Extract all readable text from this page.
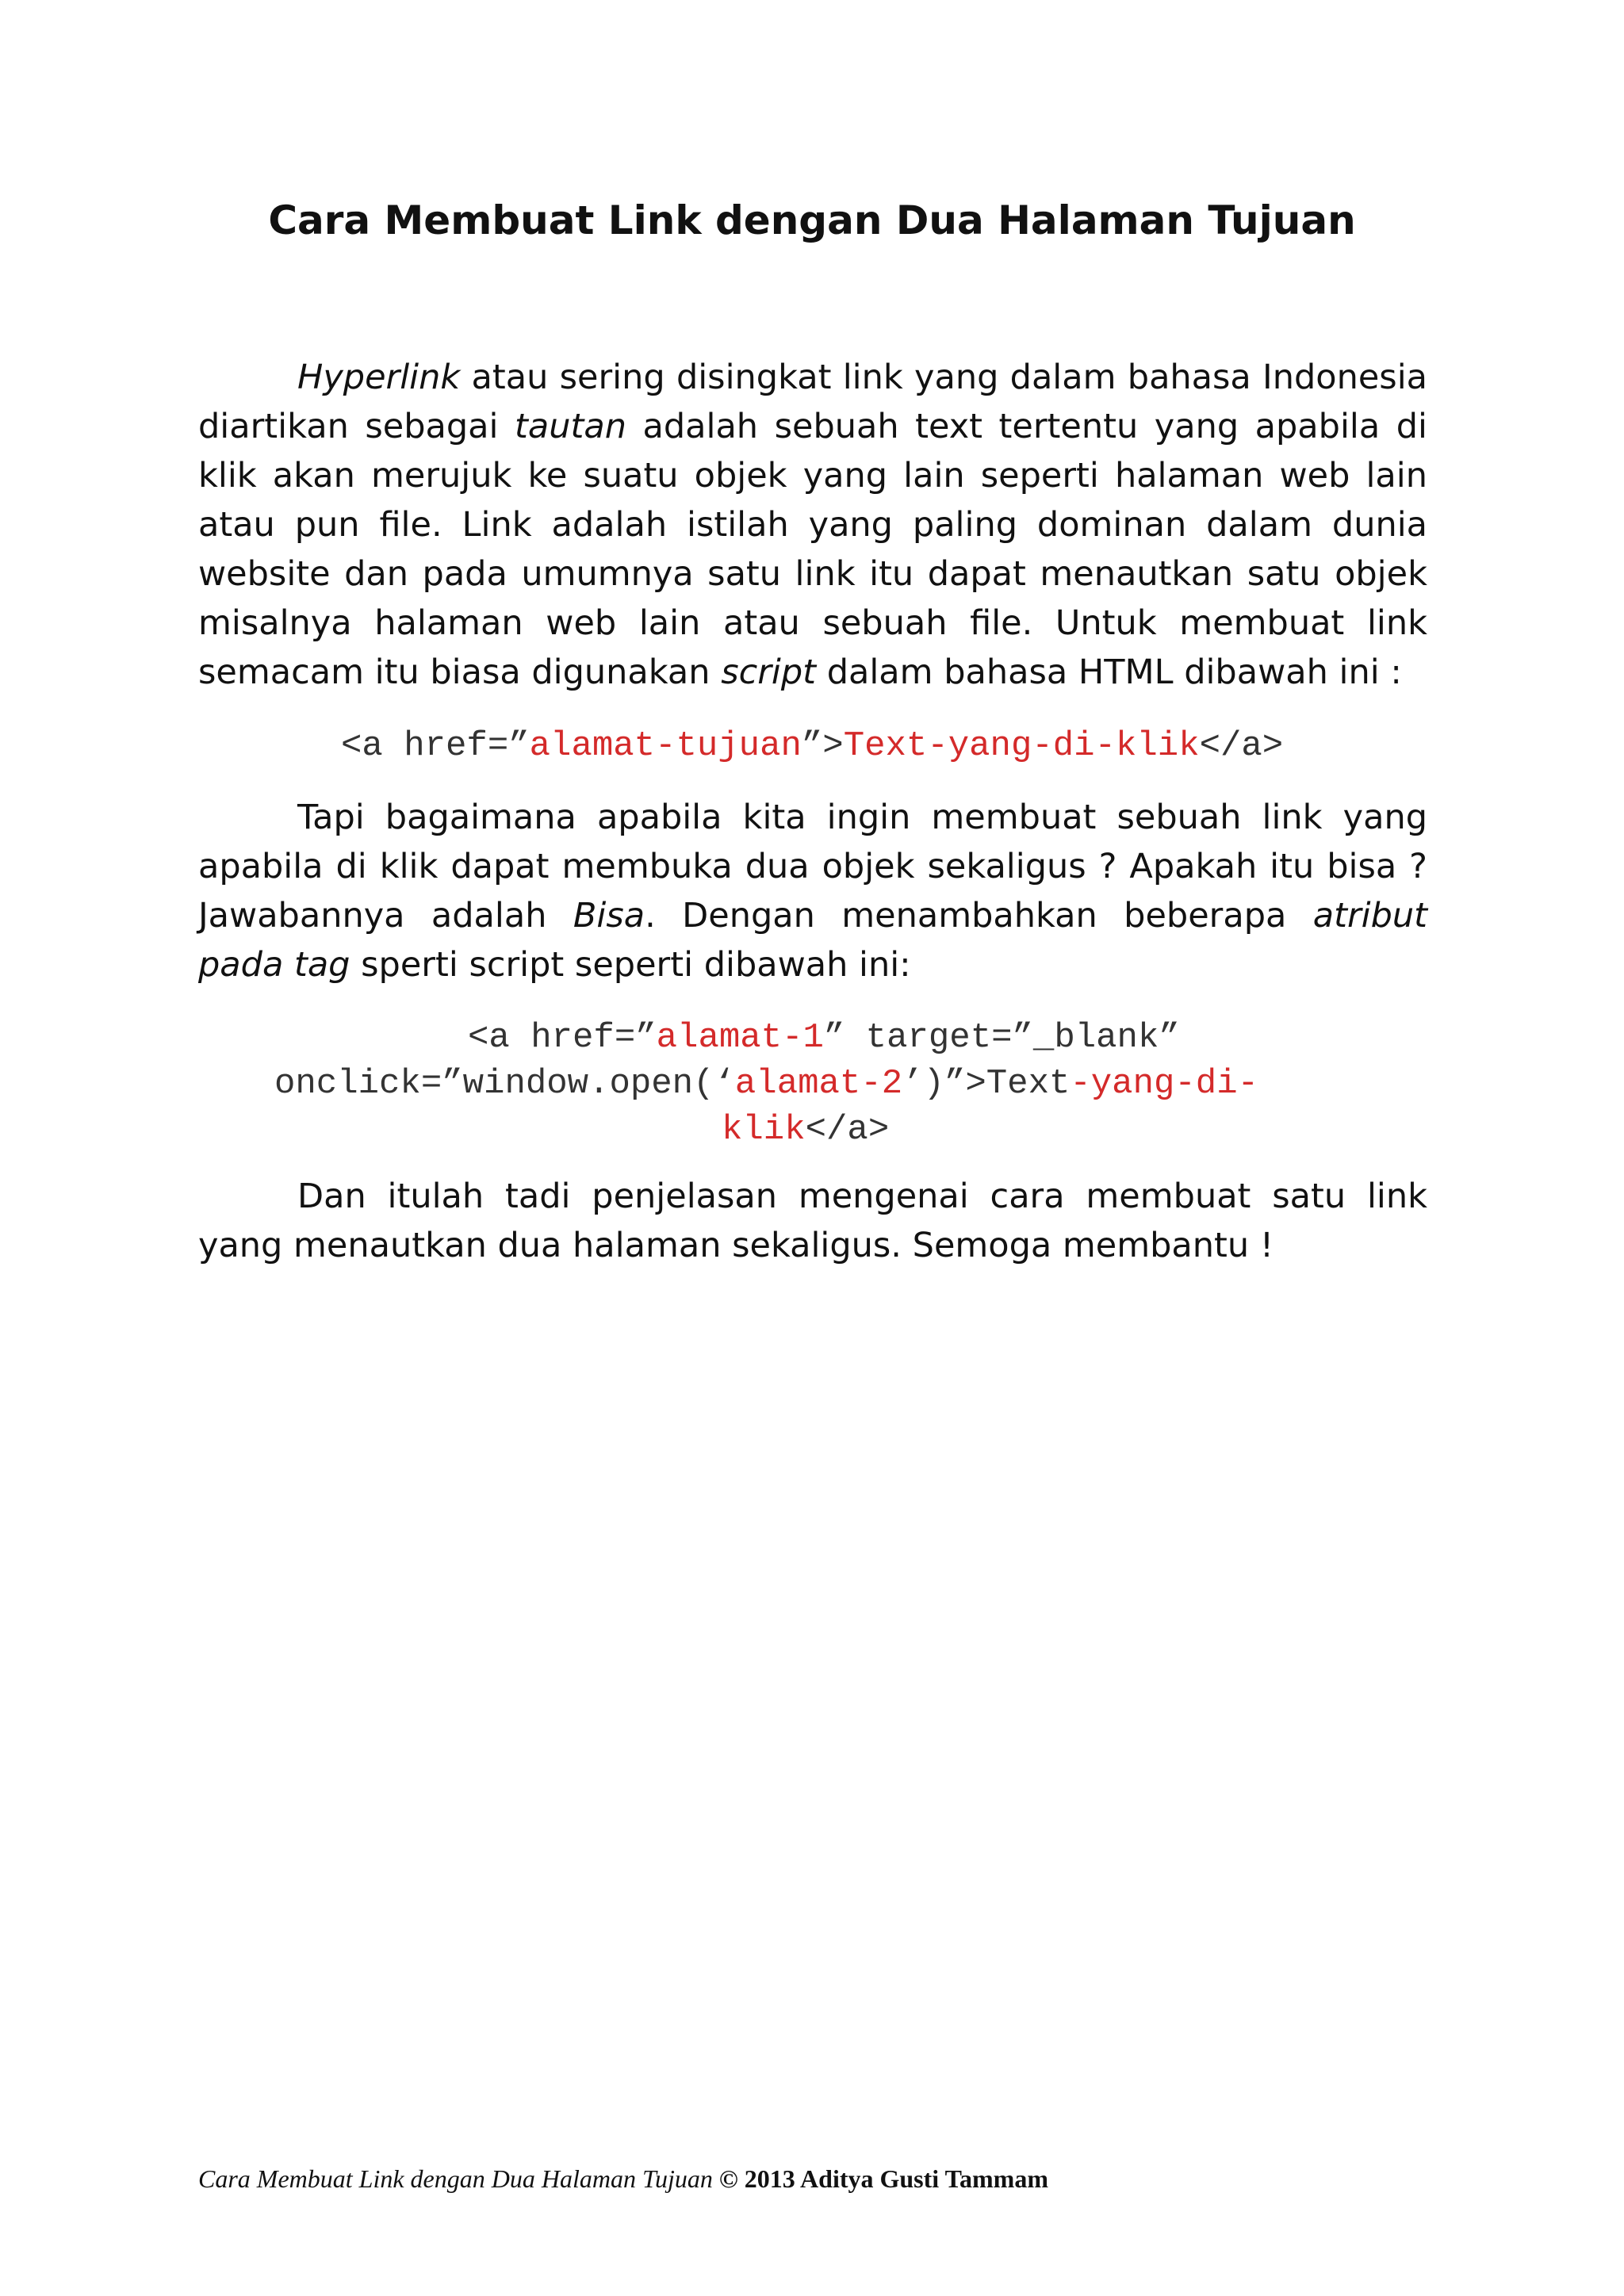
Cara Membuat Link dengan Dua Halaman Tujuan

Hyperlink atau sering disingkat link yang dalam bahasa Indonesia diartikan sebagai tautan adalah sebuah text tertentu yang apabila di klik akan merujuk ke suatu objek yang lain seperti halaman web lain atau pun file. Link adalah istilah yang paling dominan dalam dunia website dan pada umumnya satu link itu dapat menautkan satu objek misalnya halaman web lain atau sebuah file. Untuk membuat link semacam itu biasa digunakan script dalam bahasa HTML dibawah ini :

<a href=”alamat-tujuan”>Text-yang-di-klik</a>

Tapi bagaimana apabila kita ingin membuat sebuah link yang apabila di klik dapat membuka dua objek sekaligus ? Apakah itu bisa ? Jawabannya adalah Bisa. Dengan menambahkan beberapa atribut pada tag sperti script seperti dibawah ini:

<a href=”alamat-1” target=”_blank”
onclick=”window.open(‘alamat-2’)”>Text-yang-di-
klik</a>

Dan itulah tadi penjelasan mengenai cara membuat satu link yang menautkan dua halaman sekaligus. Semoga membantu !

Cara Membuat Link dengan Dua Halaman Tujuan © 2013 Aditya Gusti Tammam
